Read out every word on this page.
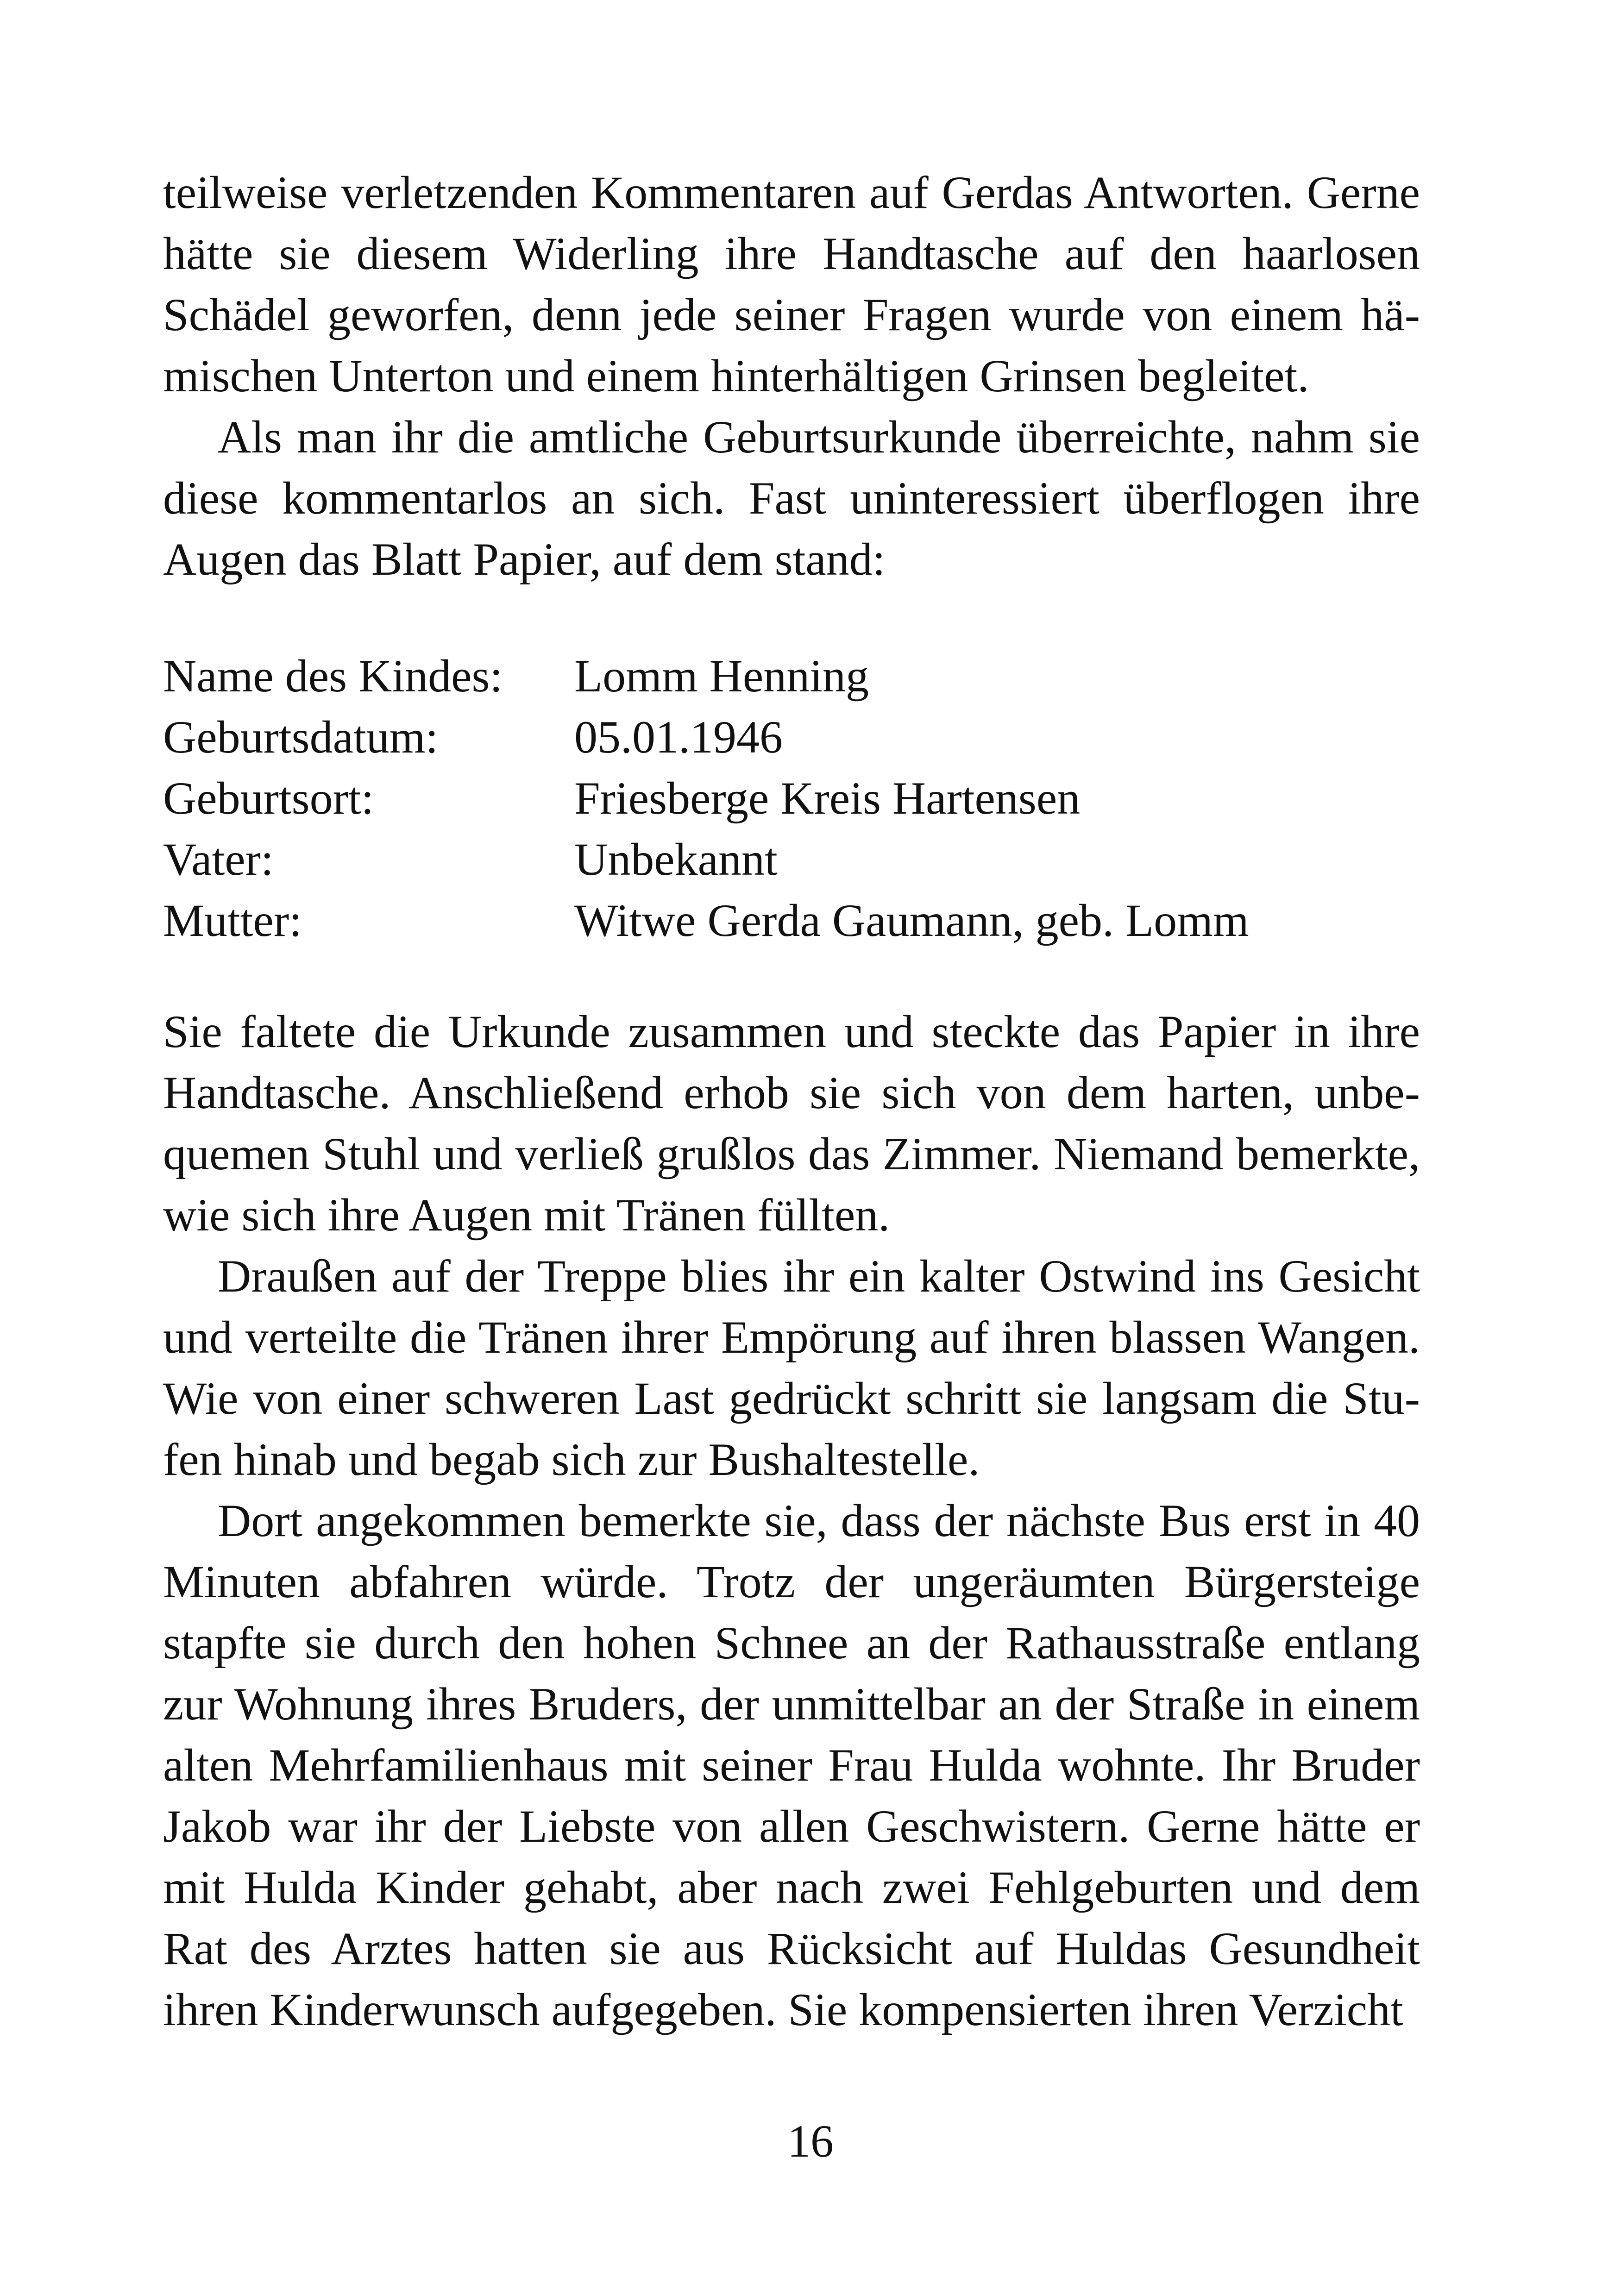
teilweise verletzenden Kommentaren auf Gerdas Antworten. Gerne hätte sie diesem Widerling ihre Handtasche auf den haarlosen Schädel geworfen, denn jede seiner Fragen wurde von einem hämischen Unterton und einem hinterhältigen Grinsen begleitet.

Als man ihr die amtliche Geburtsurkunde überreichte, nahm sie diese kommentarlos an sich. Fast uninteressiert überflogen ihre Augen das Blatt Papier, auf dem stand:

Name des Kindes:	Lomm Henning
Geburtsdatum:	05.01.1946
Geburtsort:	Friesberge Kreis Hartensen
Vater:	Unbekannt
Mutter:	Witwe Gerda Gaumann, geb. Lomm

Sie faltete die Urkunde zusammen und steckte das Papier in ihre Handtasche. Anschließend erhob sie sich von dem harten, unbequemen Stuhl und verließ grußlos das Zimmer. Niemand bemerkte, wie sich ihre Augen mit Tränen füllten.

Draußen auf der Treppe blies ihr ein kalter Ostwind ins Gesicht und verteilte die Tränen ihrer Empörung auf ihren blassen Wangen. Wie von einer schweren Last gedrückt schritt sie langsam die Stufen hinab und begab sich zur Bushaltestelle.

Dort angekommen bemerkte sie, dass der nächste Bus erst in 40 Minuten abfahren würde. Trotz der ungeräumten Bürgersteige stapfte sie durch den hohen Schnee an der Rathausstraße entlang zur Wohnung ihres Bruders, der unmittelbar an der Straße in einem alten Mehrfamilienhaus mit seiner Frau Hulda wohnte. Ihr Bruder Jakob war ihr der Liebste von allen Geschwistern. Gerne hätte er mit Hulda Kinder gehabt, aber nach zwei Fehlgeburten und dem Rat des Arztes hatten sie aus Rücksicht auf Huldas Gesundheit ihren Kinderwunsch aufgegeben. Sie kompensierten ihren Verzicht

16
